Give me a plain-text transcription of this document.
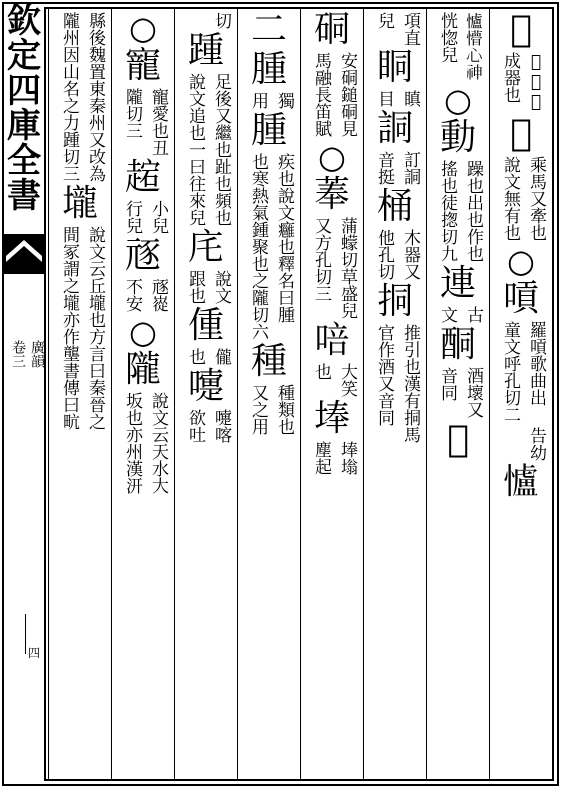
欽
定
四
庫
全
書
廣韻
卷三
四
𪀫
𪀫侗未
成器也
𩡟
乘馬又牽也
說文無有也
○
嗊
羅嗊歌曲出
童文呼孔切二
告幼
𢥈
𢥈懵心神
恍惚兒
○
動
躁也出也作也
搖也徒揔切九
連
古
文
酮
酒壞又
音同
𠖲
項直
兒
眮
瞋
目
詷
訂詷
音挺
桶
木器又
他孔切
挏
推引也漢有挏馬
官作酒又音同
硐
安硐鎚硐見
馬融長笛賦
○
菶
蒲蠓切草盛兒
又方孔切三
㖣
大笑
也
埲
埲塕
塵起
二
腫
獨
用
腫
疾也說文癰也釋名曰腫
也寒熱氣鍾聚也之隴切六
種
種類也
又之用
切
踵
足後又繼也趾也頻也
說文追也一曰往來兒
㡯
說文
跟也
偅
儱
也
嚏
嚏喀
欲吐
○
寵
寵愛也丑
隴切三
趤
小兒
行兒
㒮
㒮嵸
不安
○
隴
說文云天水大
坂也亦州漢汧
縣後魏置東秦州又改為
隴州因山名之力踵切三
壠
說文云丘壠也方言曰秦晉之
間冢謂之壠亦作壟書傳曰㽘
